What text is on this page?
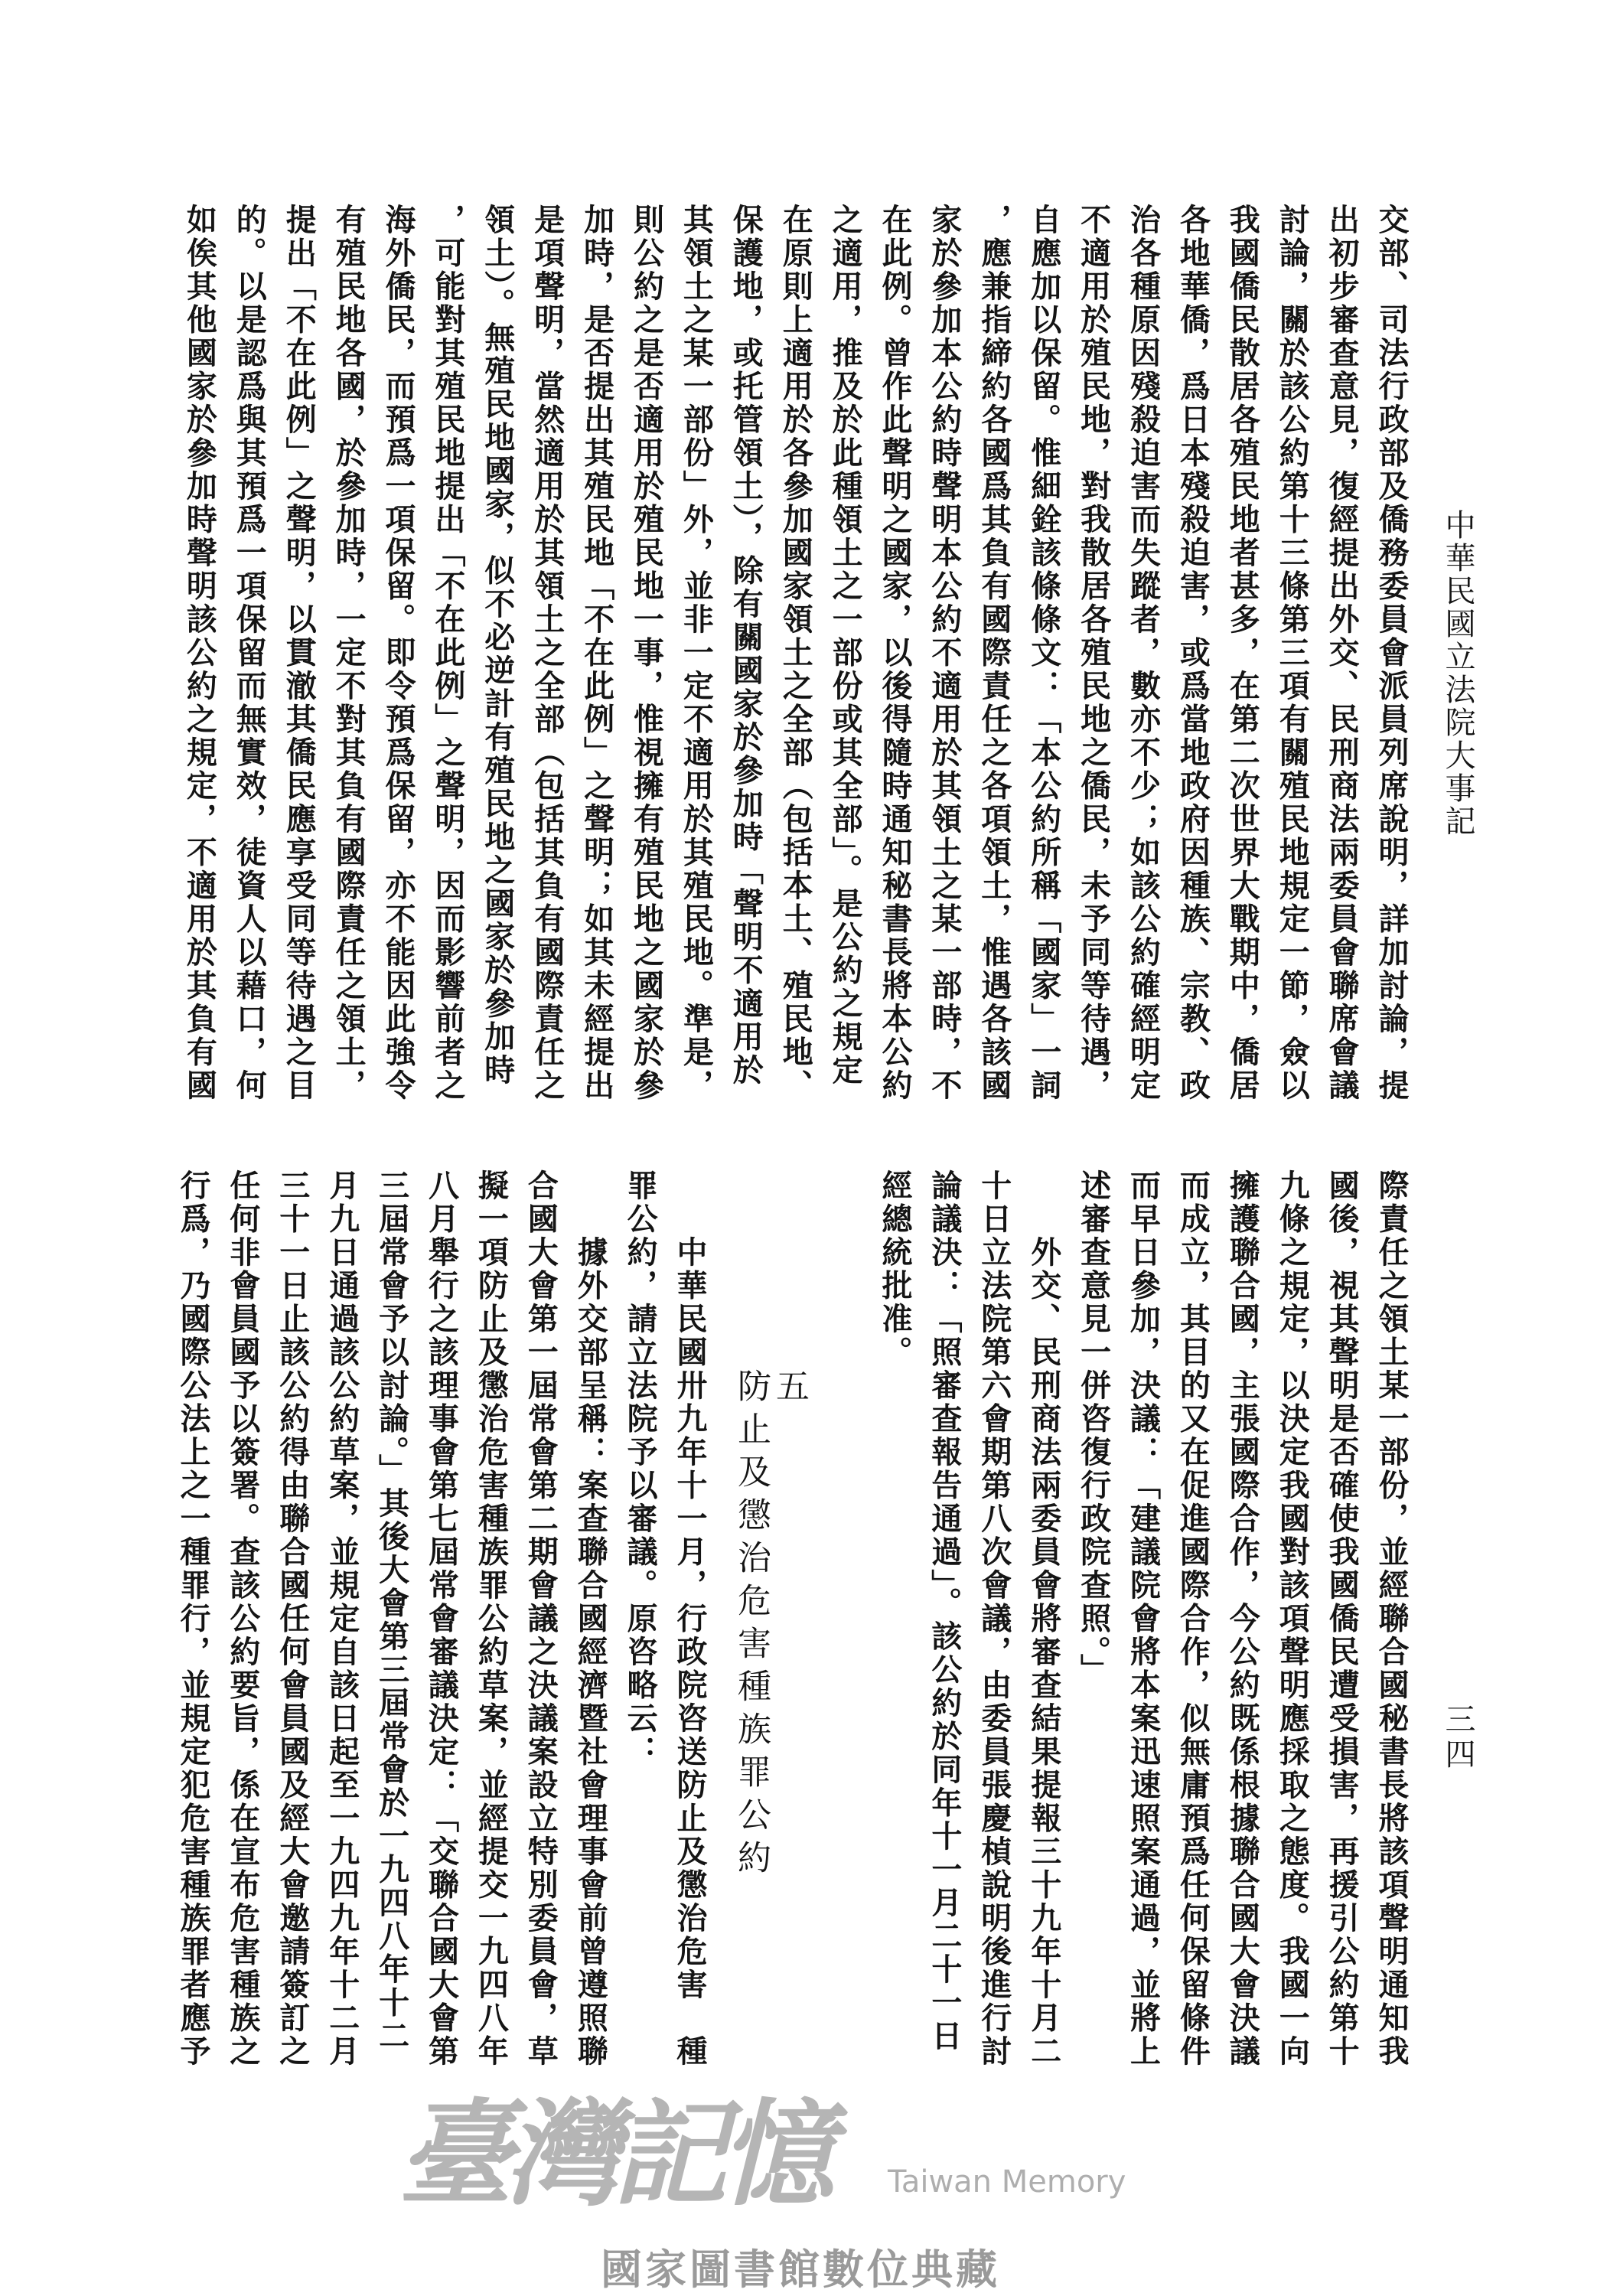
中華民國立法院大事記
三四
交部、司法行政部及僑務委員會派員列席說明，詳加討論，提
出初步審查意見，復經提出外交、民刑商法兩委員會聯席會議
討論，關於該公約第十三條第三項有關殖民地規定一節，僉以
我國僑民散居各殖民地者甚多，在第二次世界大戰期中，僑居
各地華僑，爲日本殘殺迫害，或爲當地政府因種族、宗教、政
治各種原因殘殺迫害而失蹤者，數亦不少；如該公約確經明定
不適用於殖民地，對我散居各殖民地之僑民，未予同等待遇，
自應加以保留。惟細銓該條條文：「本公約所稱「國家」一詞
，應兼指締約各國爲其負有國際責任之各項領土，惟遇各該國
家於參加本公約時聲明本公約不適用於其領土之某一部時，不
在此例。曾作此聲明之國家，以後得隨時通知秘書長將本公約
之適用，推及於此種領土之一部份或其全部」。是公約之規定
在原則上適用於各參加國家領土之全部（包括本土、殖民地、
保護地，或托管領土），除有關國家於參加時「聲明不適用於
其領土之某一部份」外，並非一定不適用於其殖民地。準是，
則公約之是否適用於殖民地一事，惟視擁有殖民地之國家於參
加時，是否提出其殖民地「不在此例」之聲明；如其未經提出
是項聲明，當然適用於其領土之全部（包括其負有國際責任之
領土）。無殖民地國家，似不必逆計有殖民地之國家於參加時
，可能對其殖民地提出「不在此例」之聲明，因而影響前者之
海外僑民，而預爲一項保留。即令預爲保留，亦不能因此強令
有殖民地各國，於參加時，一定不對其負有國際責任之領土，
提出「不在此例」之聲明，以貫澈其僑民應享受同等待遇之目
的。以是認爲與其預爲一項保留而無實效，徒資人以藉口，何
如俟其他國家於參加時聲明該公約之規定，不適用於其負有國
際責任之領土某一部份，並經聯合國秘書長將該項聲明通知我
國後，視其聲明是否確使我國僑民遭受損害，再援引公約第十
九條之規定，以決定我國對該項聲明應採取之態度。我國一向
擁護聯合國，主張國際合作，今公約既係根據聯合國大會決議
而成立，其目的又在促進國際合作，似無庸預爲任何保留條件
而早日參加，決議：「建議院會將本案迅速照案通過，並將上
述審查意見一併咨復行政院查照。」
外交、民刑商法兩委員會將審查結果提報三十九年十月二
十日立法院第六會期第八次會議，由委員張慶楨說明後進行討
論議決：「照審查報告通過」。該公約於同年十一月二十一日
經總統批准。
五
防止及懲治危害種族罪公約
中華民國卅九年十一月，行政院咨送防止及懲治危害　種
罪公約，請立法院予以審議。原咨略云：
據外交部呈稱：案查聯合國經濟暨社會理事會前曾遵照聯
合國大會第一屆常會第二期會議之決議案設立特別委員會，草
擬一項防止及懲治危害種族罪公約草案，並經提交一九四八年
八月舉行之該理事會第七屆常會審議決定：「交聯合國大會第
三屆常會予以討論。」其後大會第三屆常會於一九四八年十二
月九日通過該公約草案，並規定自該日起至一九四九年十二月
三十一日止該公約得由聯合國任何會員國及經大會邀請簽訂之
任何非會員國予以簽署。查該公約要旨，係在宣布危害種族之
行爲，乃國際公法上之一種罪行，並規定犯危害種族罪者應予
臺灣記憶 Taiwan Memory
國家圖書館數位典藏
